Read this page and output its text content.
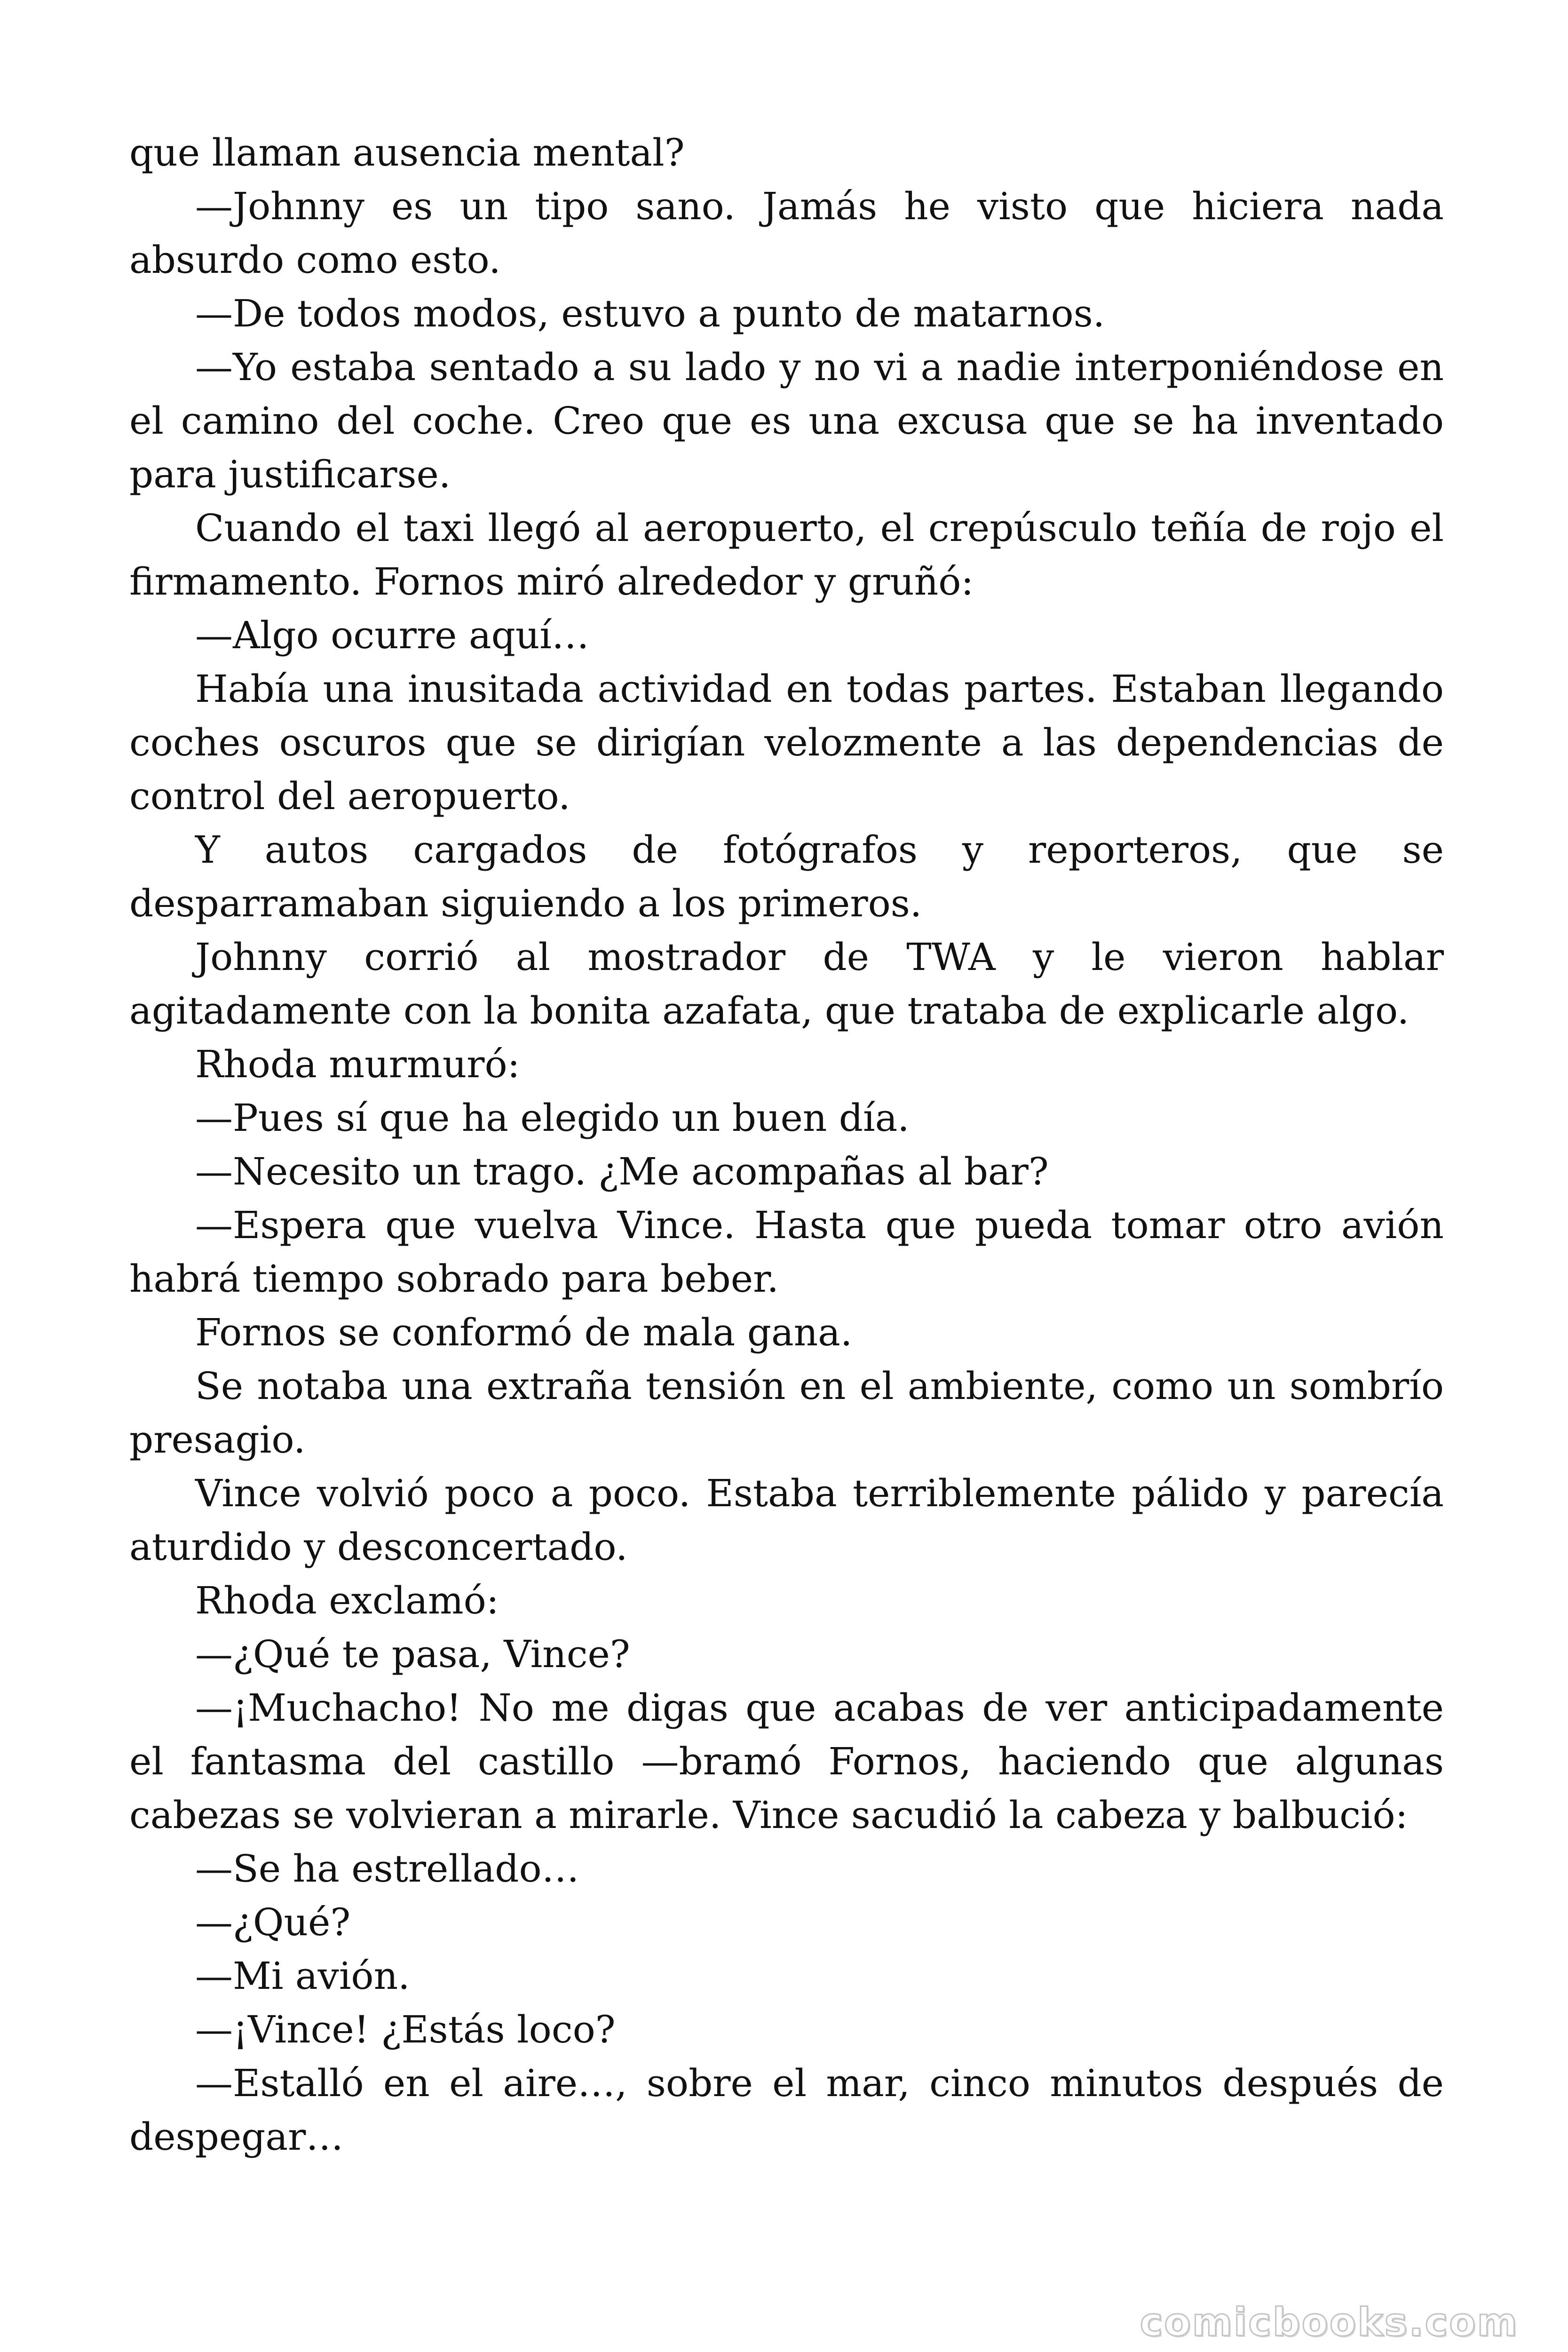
que llaman ausencia mental?

—Johnny es un tipo sano. Jamás he visto que hiciera nada absurdo como esto.

—De todos modos, estuvo a punto de matarnos.

—Yo estaba sentado a su lado y no vi a nadie interponiéndose en el camino del coche. Creo que es una excusa que se ha inventado para justificarse.

Cuando el taxi llegó al aeropuerto, el crepúsculo teñía de rojo el firmamento. Fornos miró alrededor y gruñó:

—Algo ocurre aquí…

Había una inusitada actividad en todas partes. Estaban llegando coches oscuros que se dirigían velozmente a las dependencias de control del aeropuerto.

Y autos cargados de fotógrafos y reporteros, que se desparramaban siguiendo a los primeros.

Johnny corrió al mostrador de TWA y le vieron hablar agitadamente con la bonita azafata, que trataba de explicarle algo.

Rhoda murmuró:

—Pues sí que ha elegido un buen día.

—Necesito un trago. ¿Me acompañas al bar?

—Espera que vuelva Vince. Hasta que pueda tomar otro avión habrá tiempo sobrado para beber.

Fornos se conformó de mala gana.

Se notaba una extraña tensión en el ambiente, como un sombrío presagio.

Vince volvió poco a poco. Estaba terriblemente pálido y parecía aturdido y desconcertado.

Rhoda exclamó:

—¿Qué te pasa, Vince?

—¡Muchacho! No me digas que acabas de ver anticipadamente el fantasma del castillo —bramó Fornos, haciendo que algunas cabezas se volvieran a mirarle. Vince sacudió la cabeza y balbució:

—Se ha estrellado…

—¿Qué?

—Mi avión.

—¡Vince! ¿Estás loco?

—Estalló en el aire…, sobre el mar, cinco minutos después de despegar…

comicbooks.com
